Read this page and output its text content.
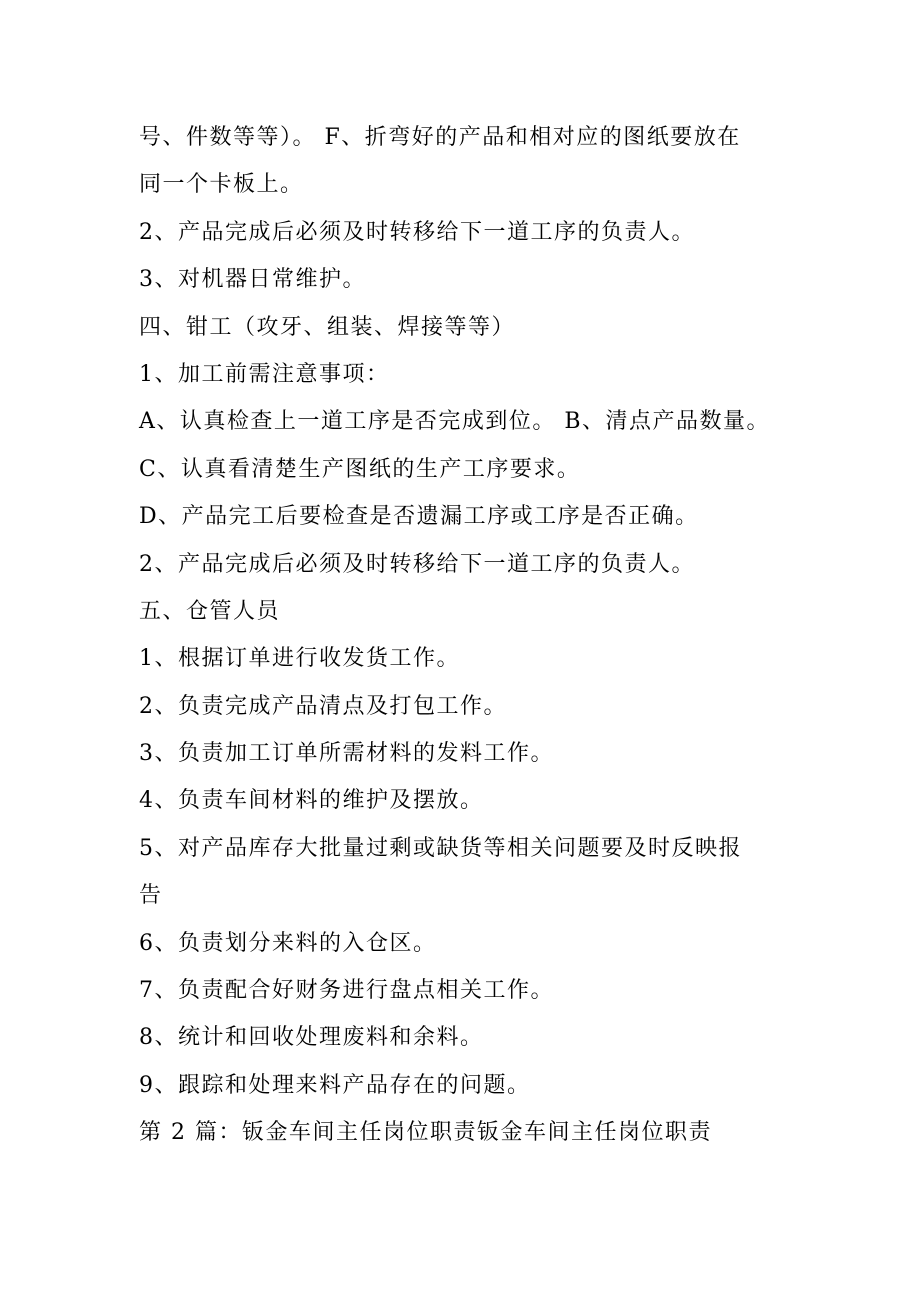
号、件数等等）。 F、折弯好的产品和相对应的图纸要放在
同一个卡板上。
2、产品完成后必须及时转移给下一道工序的负责人。
3、对机器日常维护。
四、钳工（攻牙、组装、焊接等等）
1、加工前需注意事项：
A、认真检查上一道工序是否完成到位。 B、清点产品数量。
C、认真看清楚生产图纸的生产工序要求。
D、产品完工后要检查是否遗漏工序或工序是否正确。
2、产品完成后必须及时转移给下一道工序的负责人。
五、仓管人员
1、根据订单进行收发货工作。
2、负责完成产品清点及打包工作。
3、负责加工订单所需材料的发料工作。
4、负责车间材料的维护及摆放。
5、对产品库存大批量过剩或缺货等相关问题要及时反映报
告
6、负责划分来料的入仓区。
7、负责配合好财务进行盘点相关工作。
8、统计和回收处理废料和余料。
9、跟踪和处理来料产品存在的问题。
第 2 篇：钣金车间主任岗位职责钣金车间主任岗位职责
